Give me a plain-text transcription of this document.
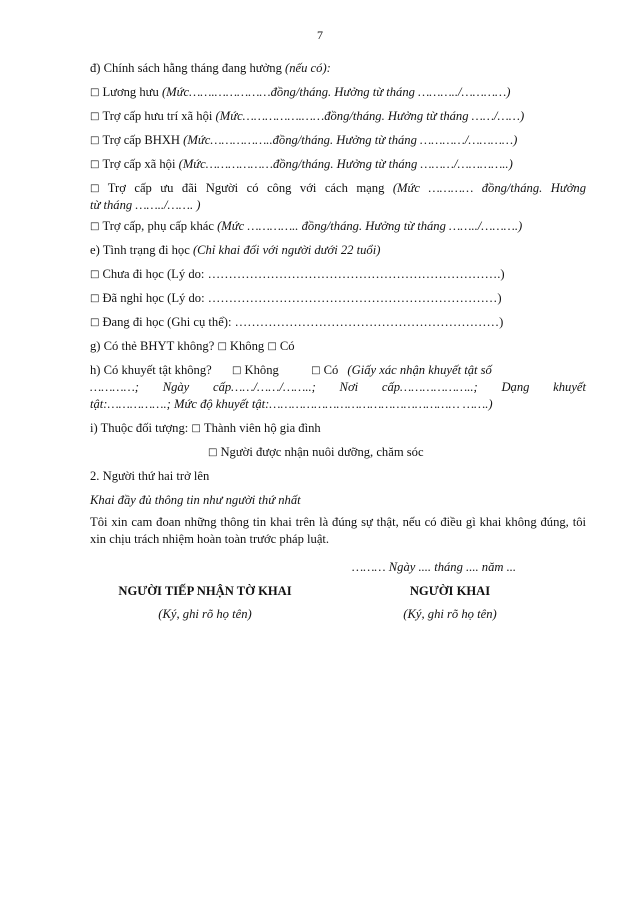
7
đ) Chính sách hằng tháng đang hưởng (nếu có):
□ Lương hưu (Mức…….……………đồng/tháng. Hưởng từ tháng ………../…………)
□ Trợ cấp hưu trí xã hội (Mức…………….……đồng/tháng. Hưởng từ tháng ……/……)
□ Trợ cấp BHXH (Mức……………..đồng/tháng. Hưởng từ tháng …………/…………)
□ Trợ cấp xã hội (Mức………………đồng/tháng. Hưởng từ tháng ………/…………..)
□ Trợ cấp ưu đãi Người có công với cách mạng (Mức ………… đồng/tháng. Hưởng
từ tháng ……../……. )
□ Trợ cấp, phụ cấp khác (Mức ………….. đồng/tháng. Hưởng từ tháng ……../……….)
e) Tình trạng đi học (Chỉ khai đối với người dưới 22 tuổi)
□ Chưa đi học (Lý do: …………………………………………………………….)
□ Đã nghỉ học (Lý do: ……………………………………………………………)
□ Đang đi học (Ghi cụ thể): ………………………………………………………)
g) Có thẻ BHYT không? □ Không □ Có
h) Có khuyết tật không? □ Không	□ Có (Giấy xác nhận khuyết tật số
…………; Ngày cấp……/……/……..; Nơi cấp………………..; Dạng khuyết
tật:…………….; Mức độ khuyết tật:…………………………………………… …….)
i) Thuộc đối tượng: □ Thành viên hộ gia đình
□ Người được nhận nuôi dưỡng, chăm sóc
2. Người thứ hai trở lên
Khai đầy đủ thông tin như người thứ nhất
Tôi xin cam đoan những thông tin khai trên là đúng sự thật, nếu có điều gì khai không đúng, tôi xin chịu trách nhiệm hoàn toàn trước pháp luật.
……… Ngày .... tháng .... năm ...
NGƯỜI TIẾP NHẬN TỜ KHAI
(Ký, ghi rõ họ tên)
NGƯỜI KHAI
(Ký, ghi rõ họ tên)
